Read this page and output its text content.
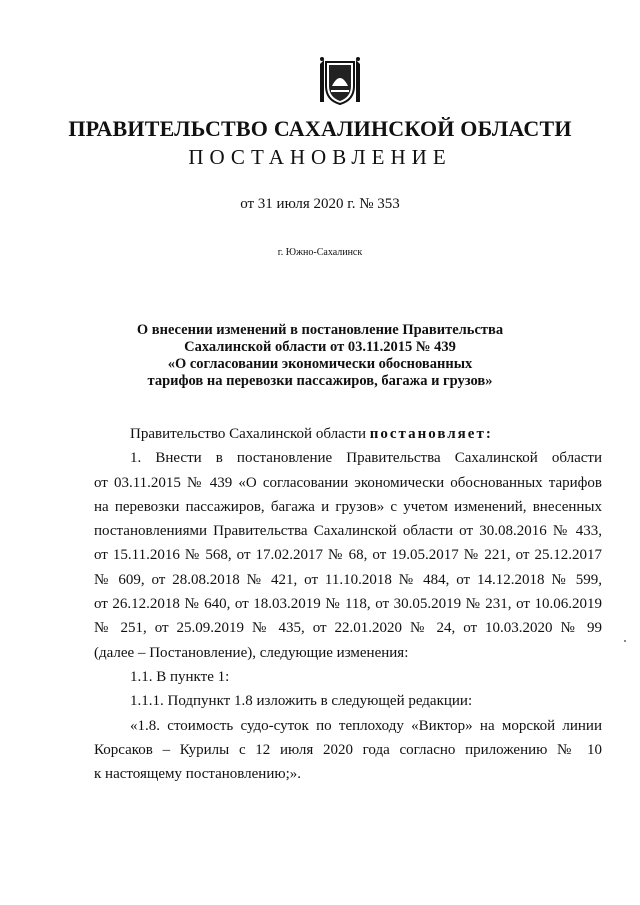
ПРАВИТЕЛЬСТВО САХАЛИНСКОЙ ОБЛАСТИ
ПОСТАНОВЛЕНИЕ
от 31 июля 2020 г. № 353
г. Южно-Сахалинск
О внесении изменений в постановление Правительства
Сахалинской области от 03.11.2015 № 439
«О согласовании экономически обоснованных
тарифов на перевозки пассажиров, багажа и грузов»
Правительство Сахалинской области постановляет:
1. Внести в постановление Правительства Сахалинской области
от 03.11.2015 № 439 «О согласовании экономически обоснованных тарифов
на перевозки пассажиров, багажа и грузов» с учетом изменений, внесенных
постановлениями Правительства Сахалинской области от 30.08.2016 № 433,
от 15.11.2016 № 568, от 17.02.2017 № 68, от 19.05.2017 № 221, от 25.12.2017
№ 609, от 28.08.2018 № 421, от 11.10.2018 № 484, от 14.12.2018 № 599,
от 26.12.2018 № 640, от 18.03.2019 № 118, от 30.05.2019 № 231, от 10.06.2019
№ 251, от 25.09.2019 № 435, от 22.01.2020 № 24, от 10.03.2020 № 99
(далее – Постановление), следующие изменения:
1.1. В пункте 1:
1.1.1. Подпункт 1.8 изложить в следующей редакции:
«1.8. стоимость судо-суток по теплоходу «Виктор» на морской линии
Корсаков – Курилы с 12 июля 2020 года согласно приложению № 10
к настоящему постановлению;».
